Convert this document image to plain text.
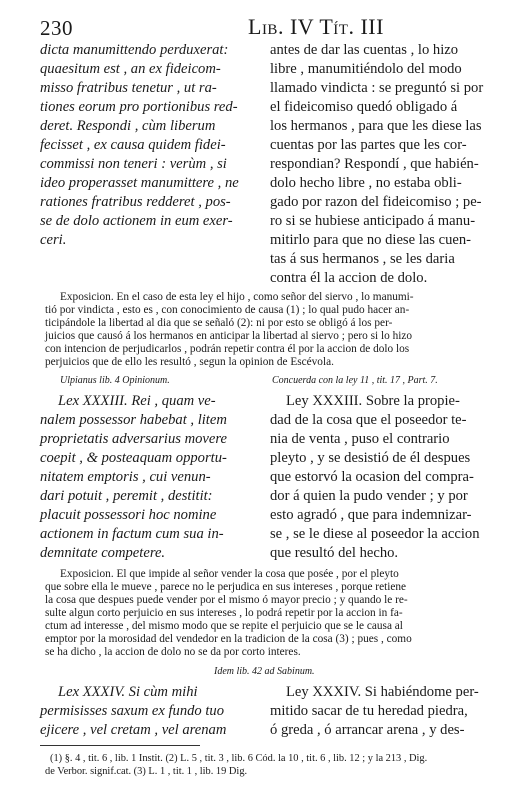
230	Lib. IV Tít. III
dicta manumittendo perduxerat:
quaesitum est , an ex fideicom-
misso fratribus tenetur , ut ra-
tiones eorum pro portionibus red-
deret. Respondi , cùm liberum
fecisset , ex causa quidem fidei-
commissi non teneri : verùm , si
ideo properasset manumittere , ne
rationes fratribus redderet , pos-
se de dolo actionem in eum exer-
ceri.
antes de dar las cuentas , lo hizo
libre , manumitiéndolo del modo
llamado vindicta : se preguntó si por
el fideicomiso quedó obligado á
los hermanos , para que les diese las
cuentas por las partes que les cor-
respondian? Respondí , que habién-
dolo hecho libre , no estaba obli-
gado por razon del fideicomiso ; pe-
ro si se hubiese anticipado á manu-
mitirlo para que no diese las cuen-
tas á sus hermanos , se les daria
contra él la accion de dolo.
Exposicion. En el caso de esta ley el hijo , como señor del siervo , lo manumi-
tió por vindicta , esto es , con conocimiento de causa (1) ; lo qual pudo hacer an-
ticipándole la libertad al dia que se señaló (2): ni por esto se obligó á los per-
juicios que causó á los hermanos en anticipar la libertad al siervo ; pero si lo hizo
con intencion de perjudicarlos , podrán repetir contra él por la accion de dolo los
perjuicios que de ello les resultó , segun la opinion de Escévola.
Ulpianus lib. 4 Opinionum.	Concuerda con la ley 11 , tit. 17 , Part. 7.
Lex XXXIII. Rei , quam ve-
nalem possessor habebat , litem
proprietatis adversarius movere
coepit , & posteaquam opportu-
nitatem emptoris , cui venun-
dari potuit , peremit , destitit:
placuit possessori hoc nomine
actionem in factum cum sua in-
demnitate competere.
Ley XXXIII. Sobre la propie-
dad de la cosa que el poseedor te-
nia de venta , puso el contrario
pleyto , y se desistió de él despues
que estorvó la ocasion del compra-
dor á quien la pudo vender ; y por
esto agradó , que para indemnizar-
se , se le diese al poseedor la accion
que resultó del hecho.
Exposicion. El que impide al señor vender la cosa que posée , por el pleyto
que sobre ella le mueve , parece no le perjudica en sus intereses , porque retiene
la cosa que despues puede vender por el mismo ó mayor precio ; y quando le re-
sulte algun corto perjuicio en sus intereses , lo podrá repetir por la accion in fa-
ctum ad interesse , del mismo modo que se repite el perjuicio que se le causa al
emptor por la morosidad del vendedor en la tradicion de la cosa (3) ; pues , como
se ha dicho , la accion de dolo no se da por corto interes.
Idem lib. 42 ad Sabinum.
Lex XXXIV. Si cùm mihi
permisisses saxum ex fundo tuo
ejicere , vel cretam , vel arenam
Ley XXXIV. Si habiéndome per-
mitido sacar de tu heredad piedra,
ó greda , ó arrancar arena , y des-
(1) §. 4 , tit. 6 , lib. 1 Instit. (2) L. 5 , tit. 3 , lib. 6 Cód. la 10 , tit. 6 , lib. 12 ; y la 213 , Dig.
de Verbor. signif.cat. (3) L. 1 , tit. 1 , lib. 19 Dig.
